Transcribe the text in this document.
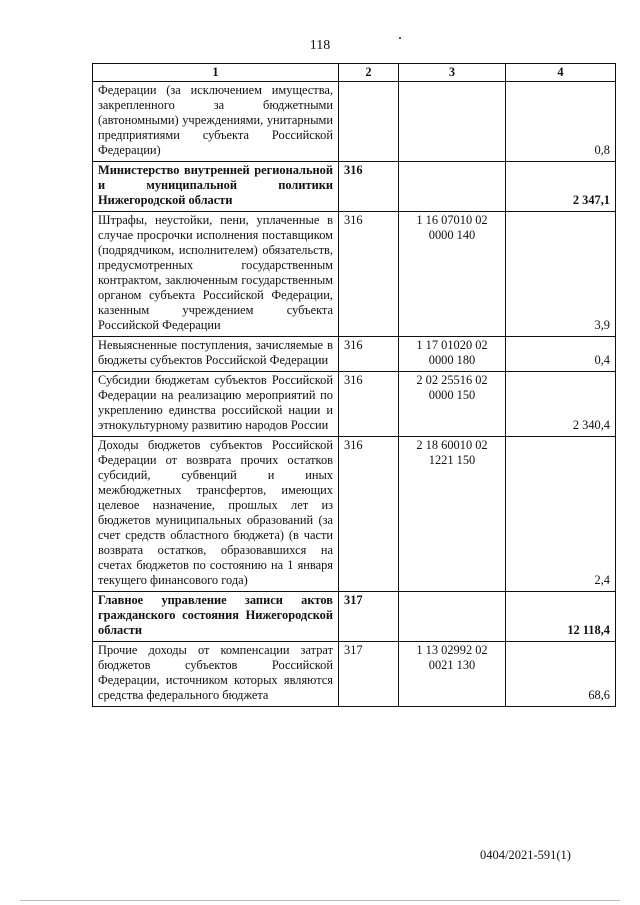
118
1	2	3	4
Федерации (за исключением имущества, закрепленного за бюджетными (автономными) учреждениями, унитарными предприятиями субъекта Российской Федерации)			0,8
Министерство внутренней региональной и муниципальной политики Нижегородской области	316		2 347,1
Штрафы, неустойки, пени, уплаченные в случае просрочки исполнения поставщиком (подрядчиком, исполнителем) обязательств, предусмотренных государственным контрактом, заключенным государственным органом субъекта Российской Федерации, казенным учреждением субъекта Российской Федерации	316	1 16 07010 02 0000 140	3,9
Невыясненные поступления, зачисляемые в бюджеты субъектов Российской Федерации	316	1 17 01020 02 0000 180	0,4
Субсидии бюджетам субъектов Российской Федерации на реализацию мероприятий по укреплению единства российской нации и этнокультурному развитию народов России	316	2 02 25516 02 0000 150	2 340,4
Доходы бюджетов субъектов Российской Федерации от возврата прочих остатков субсидий, субвенций и иных межбюджетных трансфертов, имеющих целевое назначение, прошлых лет из бюджетов муниципальных образований (за счет средств областного бюджета) (в части возврата остатков, образовавшихся на счетах бюджетов по состоянию на 1 января текущего финансового года)	316	2 18 60010 02 1221 150	2,4
Главное управление записи актов гражданского состояния Нижегородской области	317		12 118,4
Прочие доходы от компенсации затрат бюджетов субъектов Российской Федерации, источником которых являются средства федерального бюджета	317	1 13 02992 02 0021 130	68,6
0404/2021-591(1)
